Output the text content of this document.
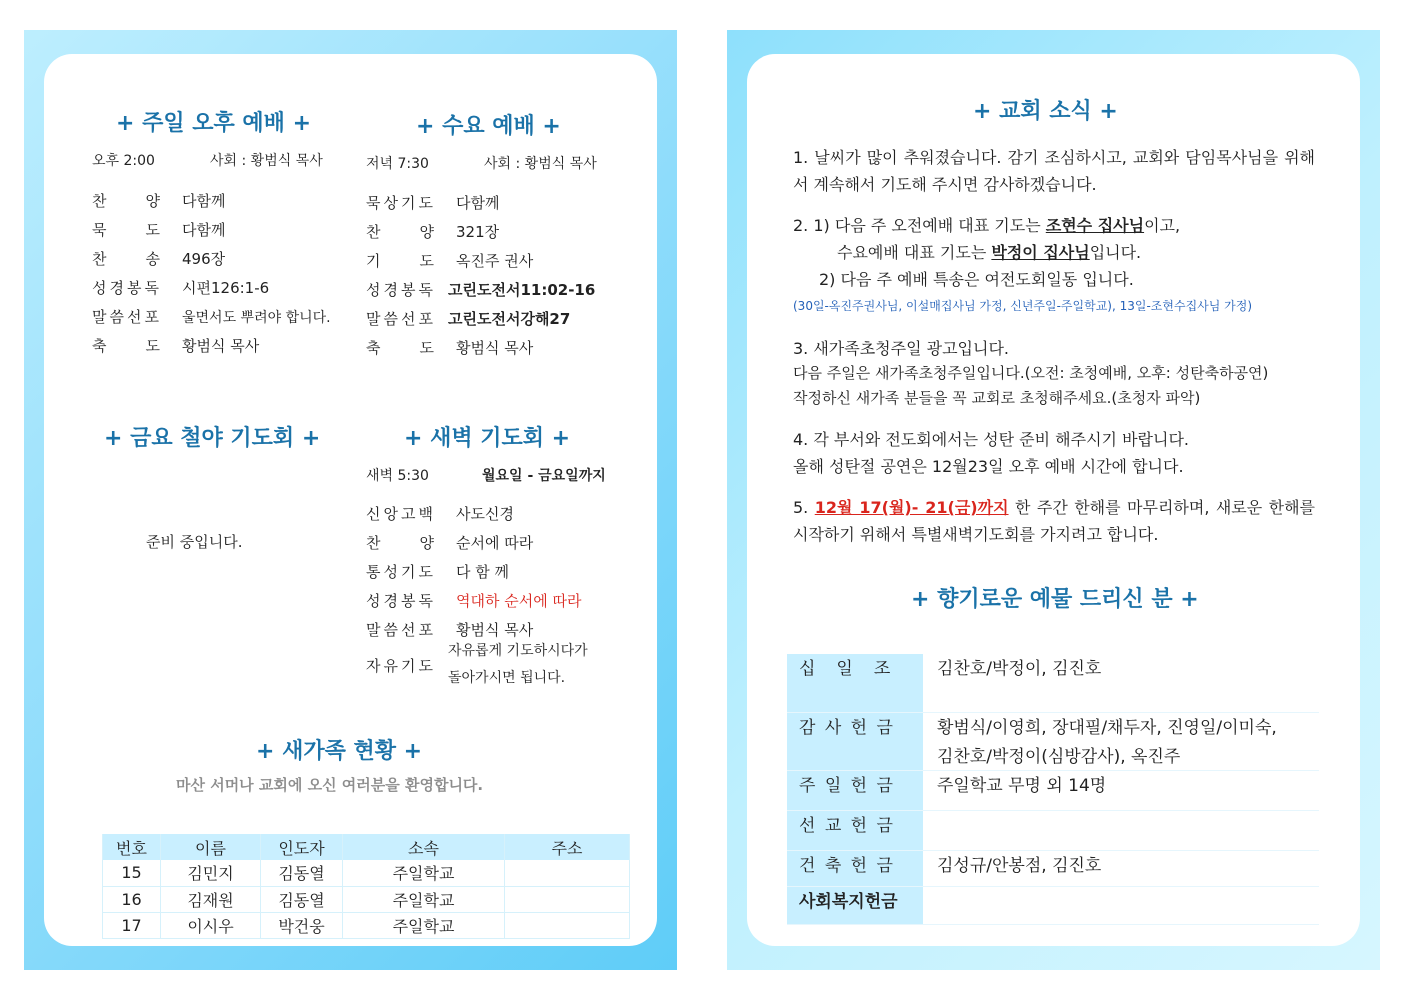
+ 주일 오후 예배 +
오후 2:00	사회 : 황범식 목사
찬　　양 다함께
묵　　도 다함께
찬　　송 496장
성경봉독 시편126:1-6
말씀선포 울면서도 뿌려야 합니다.
축　　도 황범식 목사
+ 수요 예배 +
저녁 7:30	사회 : 황범식 목사
묵상기도 다함께
찬　　양 321장
기　　도 옥진주 권사
성경봉독 고린도전서11:02-16
말씀선포 고린도전서강해27
축　　도 황범식 목사
+ 금요 철야 기도회 +
준비 중입니다.
+ 새벽 기도회 +
새벽 5:30	월요일 - 금요일까지
신앙고백 사도신경
찬　　양 순서에 따라
통성기도 다 함 께
성경봉독 역대하 순서에 따라
말씀선포 황범식 목사
자유기도
자유롭게 기도하시다가
돌아가시면 됩니다.
+ 새가족 현황 +
마산 서머나 교회에 오신 여러분을 환영합니다.
번호	이름	인도자	소속	주소
15	김민지	김동열	주일학교	
16	김재원	김동열	주일학교	
17	이시우	박건웅	주일학교	
+ 교회 소식 +

1. 날씨가 많이 추워졌습니다. 감기 조심하시고, 교회와 담임목사님을 위해서 계속해서 기도해 주시면 감사하겠습니다.

2. 1) 다음 주 오전예배 대표 기도는 조현수 집사님이고,
수요예배 대표 기도는 박정이 집사님입니다.
2) 다음 주 예배 특송은 여전도회일동 입니다.
(30일-옥진주권사님, 이설매집사님 가정, 신년주일-주일학교), 13일-조현수집사님 가정)
3. 새가족초청주일 광고입니다.
다음 주일은 새가족초청주일입니다.(오전: 초청예배, 오후: 성탄축하공연)
작정하신 새가족 분들을 꼭 교회로 초청해주세요.(초청자 파악)
4. 각 부서와 전도회에서는 성탄 준비 해주시기 바랍니다.
올해 성탄절 공연은 12월23일 오후 예배 시간에 합니다.

5. 12월 17(월)- 21(금)까지 한 주간 한해를 마무리하며, 새로운 한해를 시작하기 위해서 특별새벽기도회를 가지려고 합니다.

+ 향기로운 예물 드리신 분 +
십　일　조	김찬호/박정이, 김진호

감 사 헌 금	황범식/이영희, 장대필/채두자, 진영일/이미숙,
김찬호/박정이(심방감사), 옥진주

주 일 헌 금	주일학교 무명 외 14명

선 교 헌 금	

건 축 헌 금	김성규/안봉점, 김진호

사회복지헌금	
